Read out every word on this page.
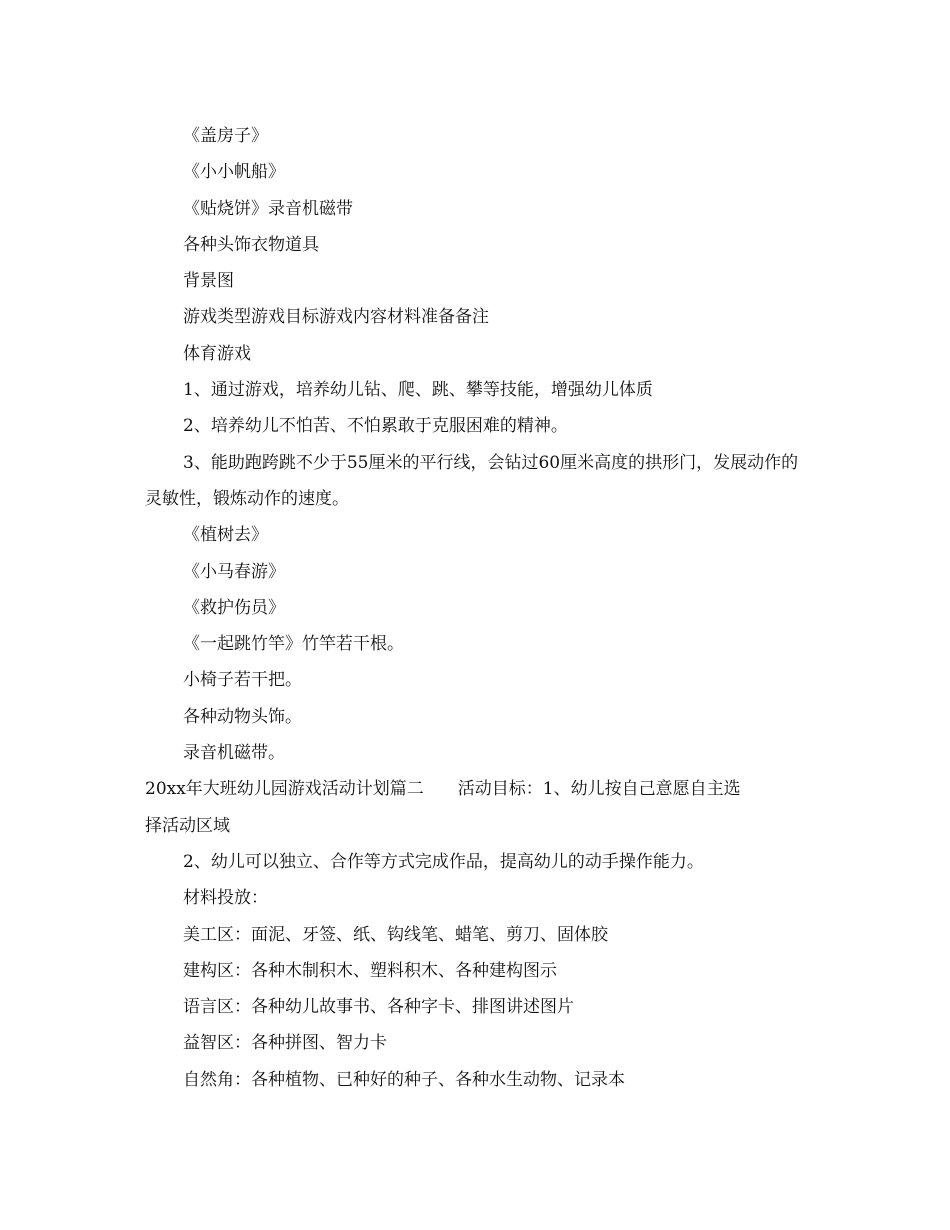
《盖房子》

《小小帆船》

《贴烧饼》录音机磁带

各种头饰衣物道具

背景图

游戏类型游戏目标游戏内容材料准备备注

体育游戏

1、通过游戏，培养幼儿钻、爬、跳、攀等技能，增强幼儿体质

2、培养幼儿不怕苦、不怕累敢于克服困难的精神。

3、能助跑跨跳不少于55厘米的平行线，会钻过60厘米高度的拱形门，发展动作的灵敏性，锻炼动作的速度。

《植树去》

《小马春游》

《救护伤员》

《一起跳竹竿》竹竿若干根。

小椅子若干把。

各种动物头饰。

录音机磁带。

20xx年大班幼儿园游戏活动计划篇二　　活动目标：1、幼儿按自己意愿自主选

择活动区域

2、幼儿可以独立、合作等方式完成作品，提高幼儿的动手操作能力。

材料投放：

美工区：面泥、牙签、纸、钩线笔、蜡笔、剪刀、固体胶

建构区：各种木制积木、塑料积木、各种建构图示

语言区：各种幼儿故事书、各种字卡、排图讲述图片

益智区：各种拼图、智力卡

自然角：各种植物、已种好的种子、各种水生动物、记录本
